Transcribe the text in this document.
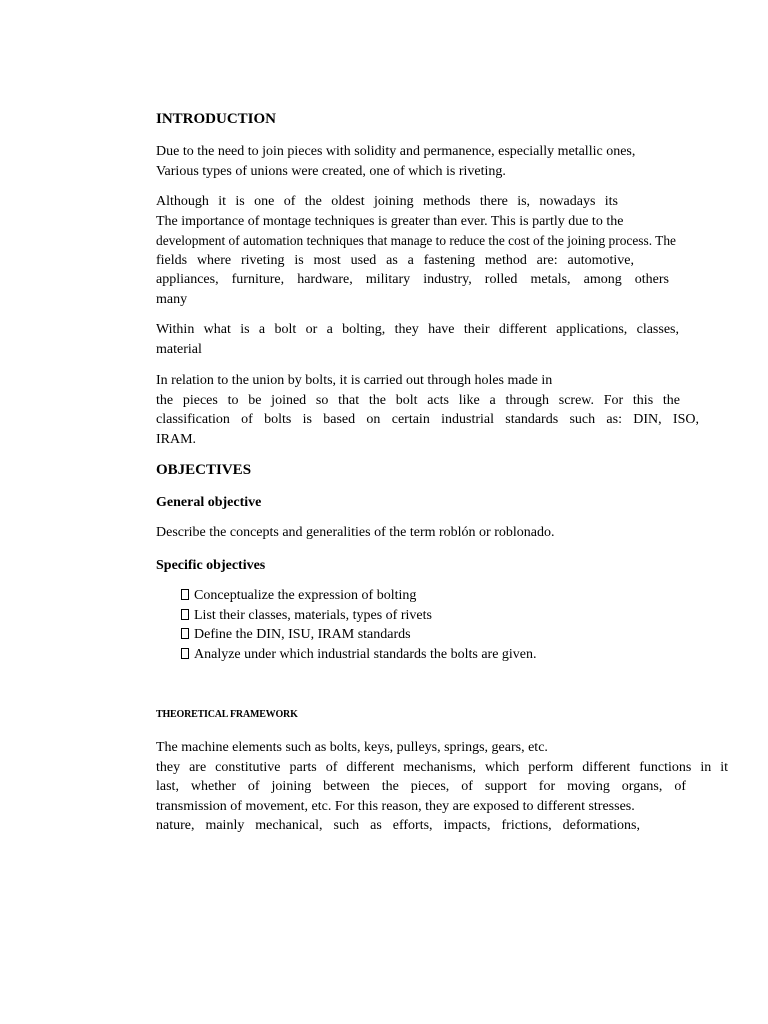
INTRODUCTION
Due to the need to join pieces with solidity and permanence, especially metallic ones,
Various types of unions were created, one of which is riveting.
Although it is one of the oldest joining methods there is, nowadays its
The importance of montage techniques is greater than ever. This is partly due to the
development of automation techniques that manage to reduce the cost of the joining process. The
fields where riveting is most used as a fastening method are: automotive,
appliances, furniture, hardware, military industry, rolled metals, among others
many
Within what is a bolt or a bolting, they have their different applications, classes,
material
In relation to the union by bolts, it is carried out through holes made in
the pieces to be joined so that the bolt acts like a through screw. For this the
classification of bolts is based on certain industrial standards such as: DIN, ISO,
IRAM.
OBJECTIVES
General objective
Describe the concepts and generalities of the term roblón or roblonado.
Specific objectives
Conceptualize the expression of bolting
List their classes, materials, types of rivets
Define the DIN, ISU, IRAM standards
Analyze under which industrial standards the bolts are given.
THEORETICAL FRAMEWORK
The machine elements such as bolts, keys, pulleys, springs, gears, etc.
they are constitutive parts of different mechanisms, which perform different functions in it
last, whether of joining between the pieces, of support for moving organs, of
transmission of movement, etc. For this reason, they are exposed to different stresses.
nature, mainly mechanical, such as efforts, impacts, frictions, deformations,
